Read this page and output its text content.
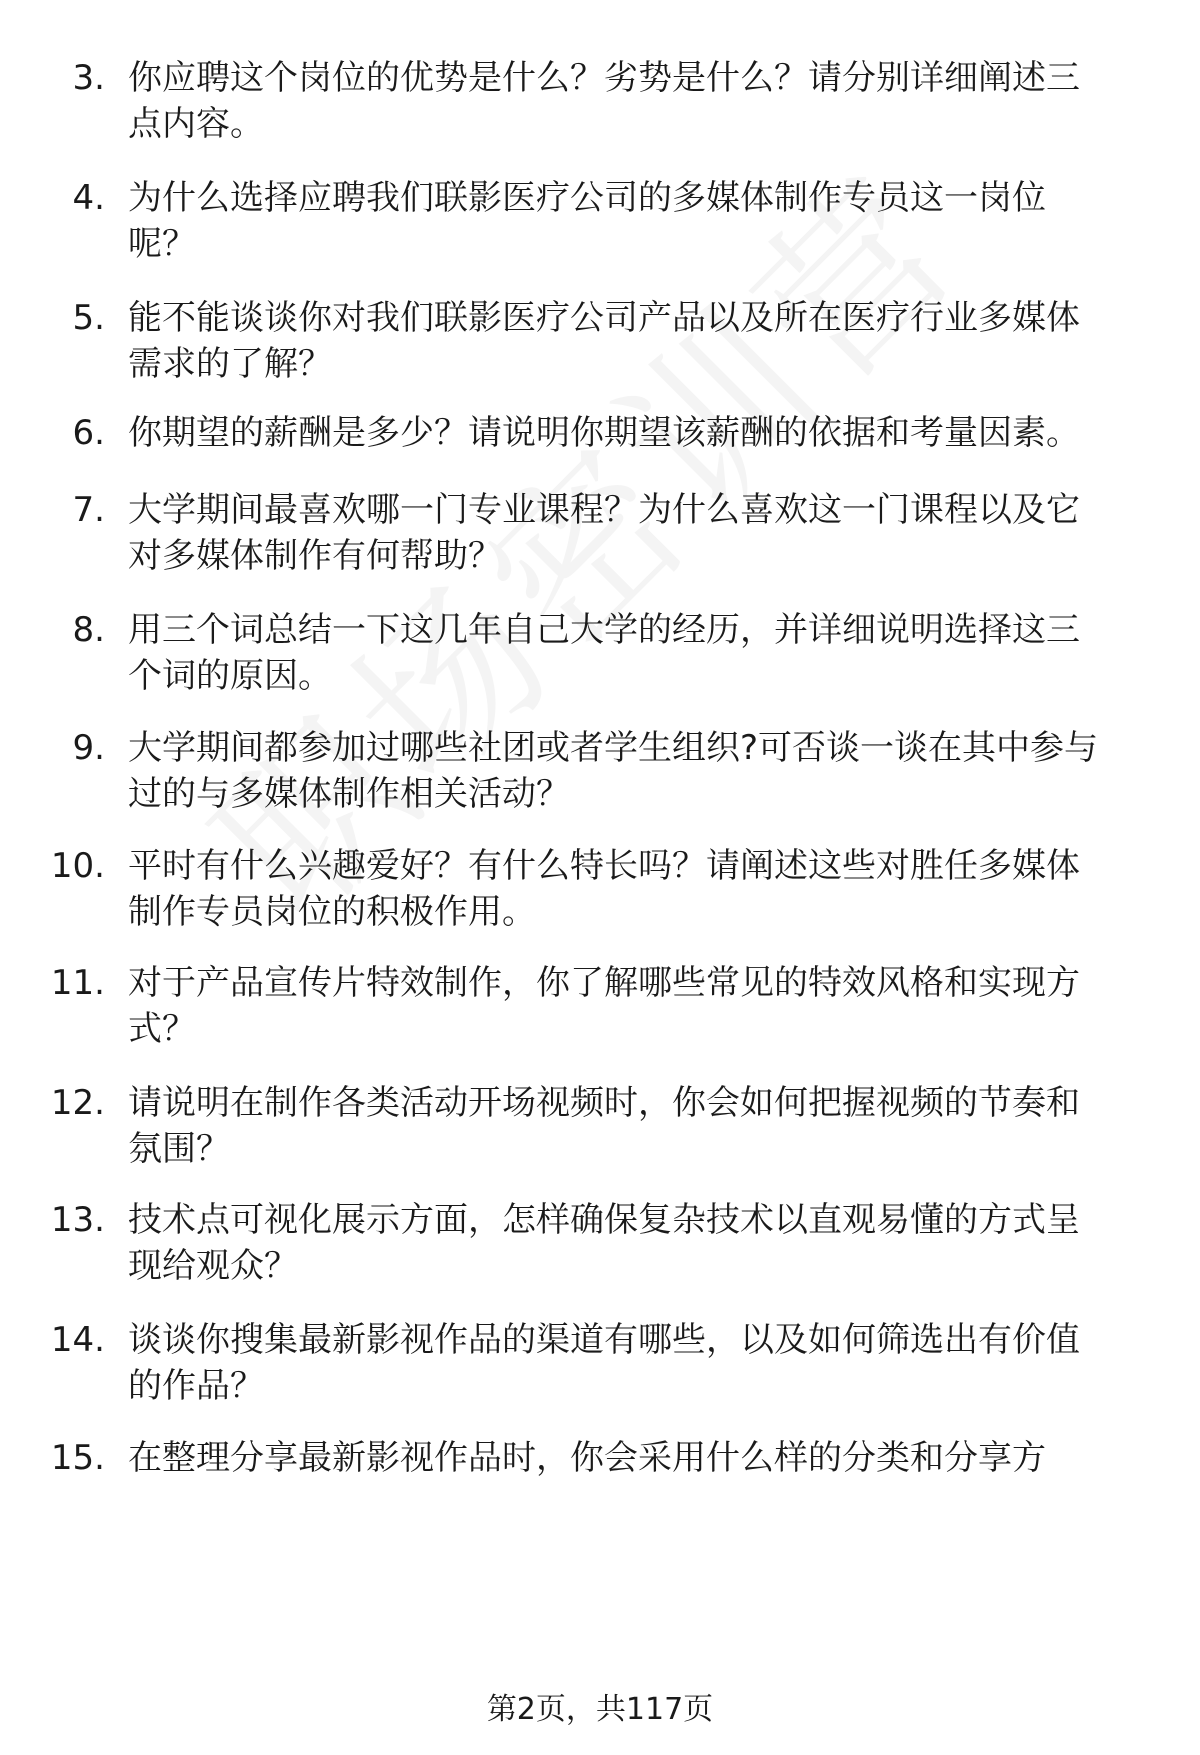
3. 你应聘这个岗位的优势是什么？劣势是什么？请分别详细阐述三
点内容。
4. 为什么选择应聘我们联影医疗公司的多媒体制作专员这一岗位
呢？
5. 能不能谈谈你对我们联影医疗公司产品以及所在医疗行业多媒体
需求的了解？
6. 你期望的薪酬是多少？请说明你期望该薪酬的依据和考量因素。
7. 大学期间最喜欢哪一门专业课程？为什么喜欢这一门课程以及它
对多媒体制作有何帮助？
8. 用三个词总结一下这几年自己大学的经历，并详细说明选择这三
个词的原因。
9. 大学期间都参加过哪些社团或者学生组织?可否谈一谈在其中参与
过的与多媒体制作相关活动？
10. 平时有什么兴趣爱好？有什么特长吗？请阐述这些对胜任多媒体
制作专员岗位的积极作用。
11. 对于产品宣传片特效制作，你了解哪些常见的特效风格和实现方
式？
12. 请说明在制作各类活动开场视频时，你会如何把握视频的节奏和
氛围？
13. 技术点可视化展示方面，怎样确保复杂技术以直观易懂的方式呈
现给观众？
14. 谈谈你搜集最新影视作品的渠道有哪些，以及如何筛选出有价值
的作品？
15. 在整理分享最新影视作品时，你会采用什么样的分类和分享方
第2页，共117页
